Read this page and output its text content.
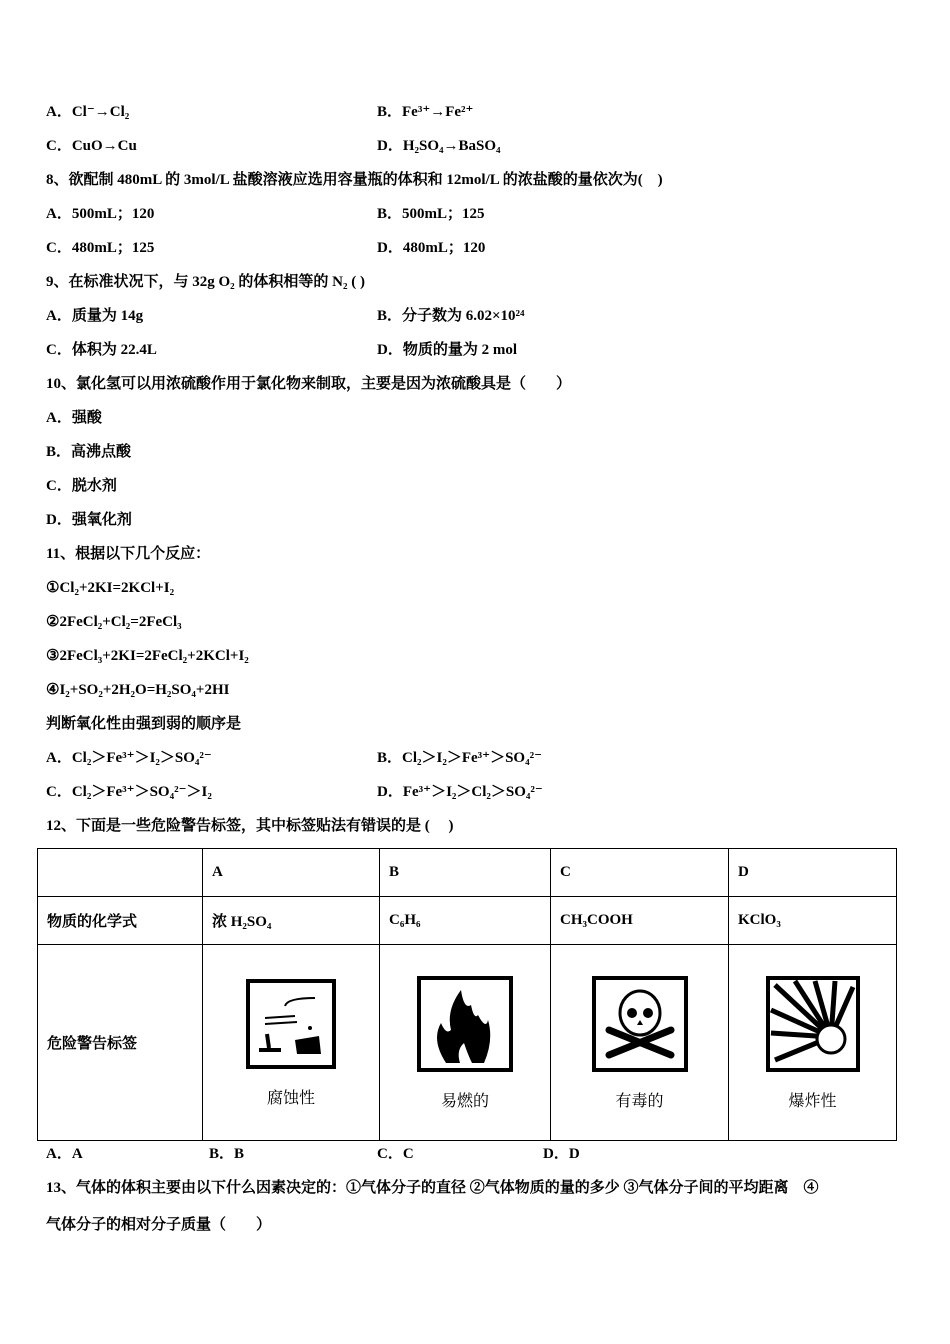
A．Cl⁻→Cl₂	B．Fe³⁺→Fe²⁺
C．CuO→Cu	D．H₂SO₄→BaSO₄
8、欲配制 480mL 的 3mol/L 盐酸溶液应选用容量瓶的体积和 12mol/L 的浓盐酸的量依次为(　)
A．500mL；120	B．500mL；125
C．480mL；125	D．480mL；120
9、在标准状况下，与 32g O₂ 的体积相等的 N₂ ( )
A．质量为 14g	B．分子数为 6.02×10²⁴
C．体积为 22.4L	D．物质的量为 2 mol
10、氯化氢可以用浓硫酸作用于氯化物来制取，主要是因为浓硫酸具是（　　）
A．强酸
B．高沸点酸
C．脱水剂
D．强氧化剂
11、根据以下几个反应：
①Cl₂+2KI=2KCl+I₂
②2FeCl₂+Cl₂=2FeCl₃
③2FeCl₃+2KI=2FeCl₂+2KCl+I₂
④I₂+SO₂+2H₂O=H₂SO₄+2HI
判断氧化性由强到弱的顺序是
A．Cl₂＞Fe³⁺＞I₂＞SO₄²⁻	B．Cl₂＞I₂＞Fe³⁺＞SO₄²⁻
C．Cl₂＞Fe³⁺＞SO₄²⁻＞I₂	D．Fe³⁺＞I₂＞Cl₂＞SO₄²⁻
12、下面是一些危险警告标签，其中标签贴法有错误的是 (　 )
	A	B	C	D
物质的化学式	浓 H₂SO₄	C₆H₆	CH₃COOH	KClO₃
危险警告标签	腐蚀性	易燃的	有毒的	爆炸性
A．A	B．B	C．C	D．D
13、气体的体积主要由以下什么因素决定的：①气体分子的直径 ②气体物质的量的多少 ③气体分子间的平均距离　④
气体分子的相对分子质量（　　）
